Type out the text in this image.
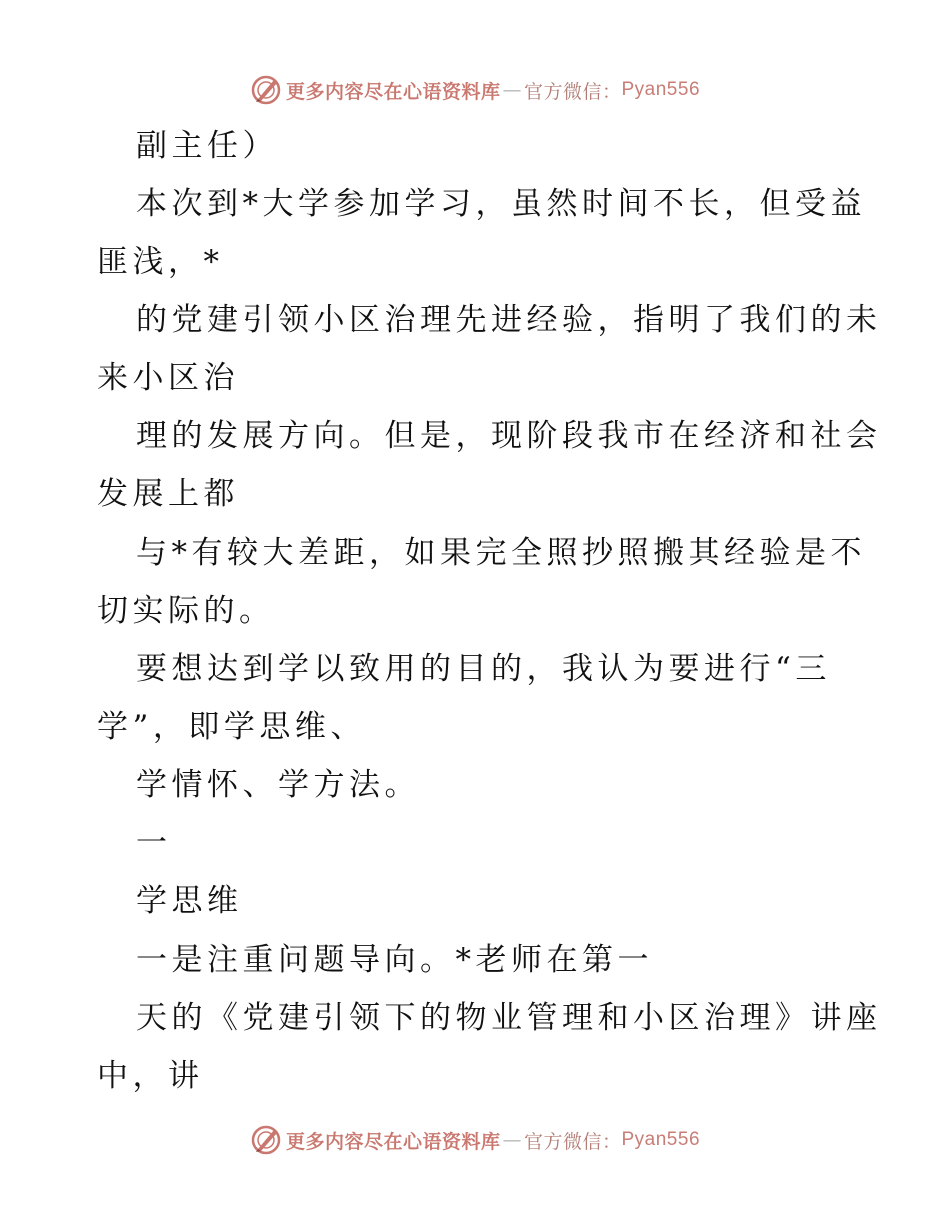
更多内容尽在心语资料库 — 官方微信： Pyan556
副主任）
本次到*大学参加学习，虽然时间不长，但受益
匪浅，*
的党建引领小区治理先进经验，指明了我们的未
来小区治
理的发展方向。但是，现阶段我市在经济和社会
发展上都
与*有较大差距，如果完全照抄照搬其经验是不
切实际的。
要想达到学以致用的目的，我认为要进行“三
学”，即学思维、
学情怀、学方法。
一
学思维
一是注重问题导向。*老师在第一
天的《党建引领下的物业管理和小区治理》讲座
中，讲
更多内容尽在心语资料库 — 官方微信： Pyan556
